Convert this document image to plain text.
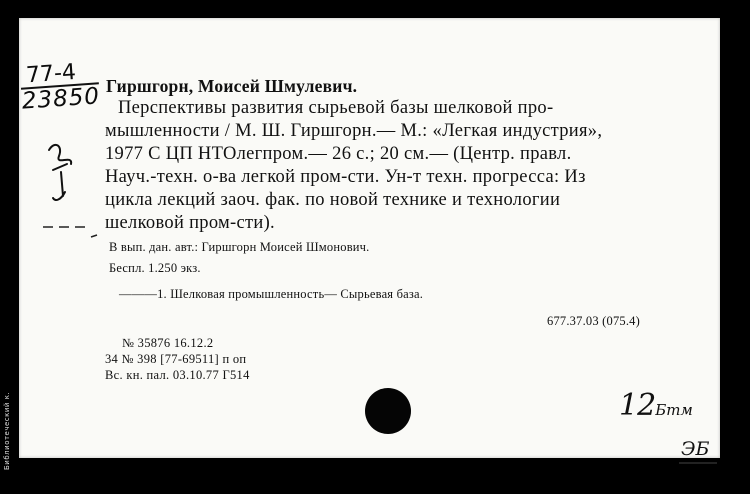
Библиотеческий к.
77-4
23850 Гиршгорн, Моисей Шмулевич.
Перспективы развития сырьевой базы шелковой про-
мышленности / М. Ш. Гиршгорн.— М.: «Легкая индустрия»,
1977 С ЦП НТОлегпром.— 26 с.; 20 см.— (Центр. правл.
Науч.-техн. о-ва легкой пром-сти. Ун-т техн. прогресса: Из
цикла лекций заоч. фак. по новой технике и технологии
шелковой пром-сти).
В вып. дан. авт.: Гиршгорн Моисей Шмонович.
Беспл. 1.250 экз.
———1. Шелковая промышленность— Сырьевая база.
677.37.03 (075.4)
№ 35876 16.12.2
34 № 398 [77-69511] п оп
Вс. кн. пал. 03.10.77 Г514
12Бтм
ЭБ
